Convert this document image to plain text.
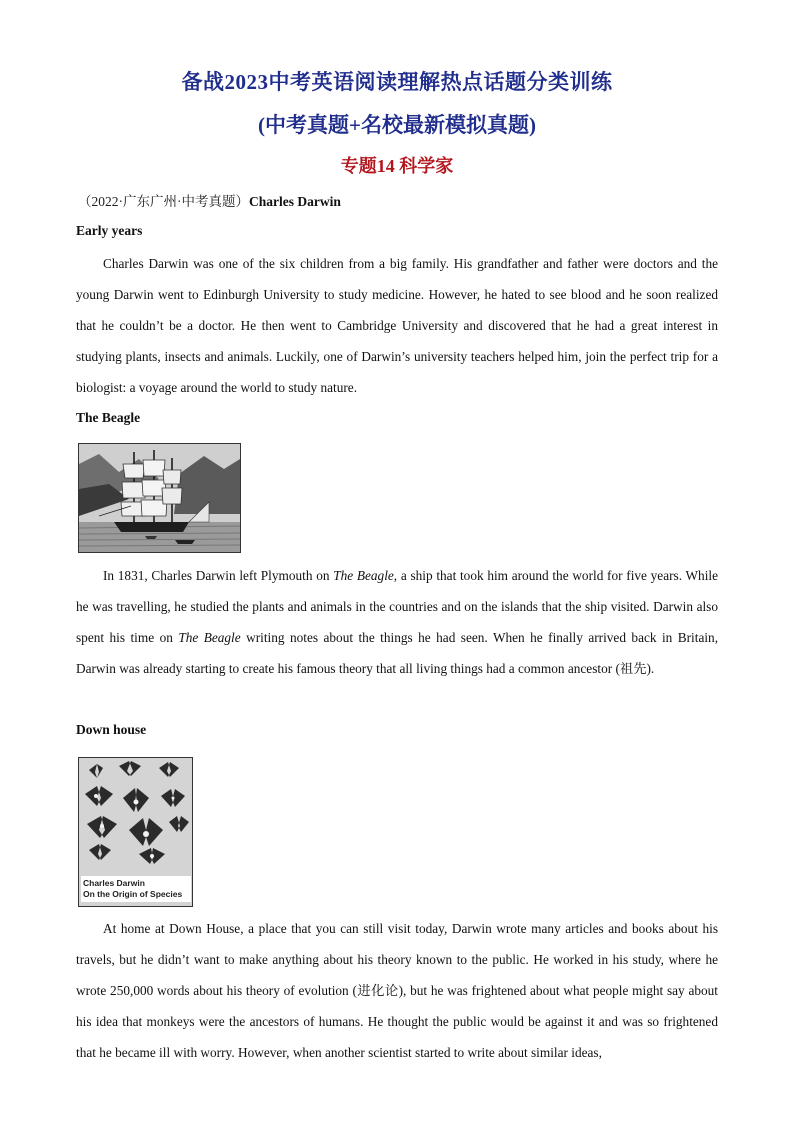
备战2023中考英语阅读理解热点话题分类训练
(中考真题+名校最新模拟真题)
专题14 科学家
（2022·广东广州·中考真题）Charles Darwin
Early years

Charles Darwin was one of the six children from a big family. His grandfather and father were doctors and the young Darwin went to Edinburgh University to study medicine. However, he hated to see blood and he soon realized that he couldn’t be a doctor. He then went to Cambridge University and discovered that he had a great interest in studying plants, insects and animals. Luckily, one of Darwin’s university teachers helped him, join the perfect trip for a biologist: a voyage around the world to study nature.

The Beagle

In 1831, Charles Darwin left Plymouth on The Beagle, a ship that took him around the world for five years. While he was travelling, he studied the plants and animals in the countries and on the islands that the ship visited. Darwin also spent his time on The Beagle writing notes about the things he had seen. When he finally arrived back in Britain, Darwin was already starting to create his famous theory that all living things had a common ancestor (祖先).

Down house
Charles Darwin
On the Origin of Species

At home at Down House, a place that you can still visit today, Darwin wrote many articles and books about his travels, but he didn’t want to make anything about his theory known to the public. He worked in his study, where he wrote 250,000 words about his theory of evolution (进化论), but he was frightened about what people might say about his idea that monkeys were the ancestors of humans. He thought the public would be against it and was so frightened that he became ill with worry. However, when another scientist started to write about similar ideas,
